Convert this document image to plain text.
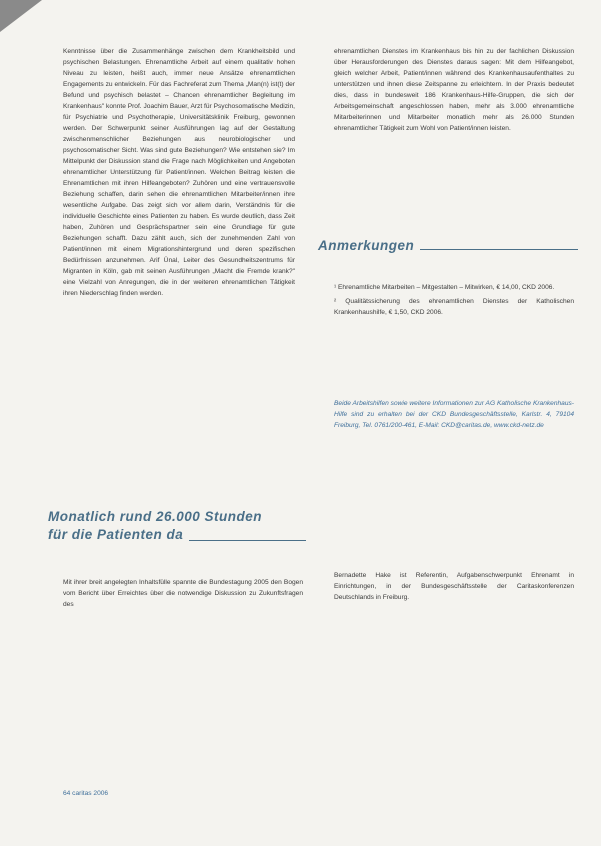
Kenntnisse über die Zusammenhänge zwischen dem Krankheitsbild und psychischen Belastungen. Ehrenamtliche Arbeit auf einem qualitativ hohen Niveau zu leisten, heißt auch, immer neue Ansätze ehrenamtlichen Engagements zu entwickeln. Für das Fachreferat zum Thema „Man(n) ist(t) der Befund und psychisch belastet – Chancen ehrenamtlicher Begleitung im Krankenhaus" konnte Prof. Joachim Bauer, Arzt für Psychosomatische Medizin, für Psychiatrie und Psychotherapie, Universitätsklinik Freiburg, gewonnen werden. Der Schwerpunkt seiner Ausführungen lag auf der Gestaltung zwischenmenschlicher Beziehungen aus neurobiologischer und psychosomatischer Sicht. Was sind gute Beziehungen? Wie entstehen sie? Im Mittelpunkt der Diskussion stand die Frage nach Möglichkeiten und Angeboten ehrenamtlicher Unterstützung für Patient/innen. Welchen Beitrag leisten die Ehrenamtlichen mit ihren Hilfeangeboten? Zuhören und eine vertrauensvolle Beziehung schaffen, darin sehen die ehrenamtlichen Mitarbeiter/innen ihre wesentliche Aufgabe. Das zeigt sich vor allem darin, Verständnis für die individuelle Geschichte eines Patienten zu haben. Es wurde deutlich, dass Zeit haben, Zuhören und Gesprächspartner sein eine Grundlage für gute Beziehungen schafft. Dazu zählt auch, sich der zunehmenden Zahl von Patient/innen mit einem Migrationshintergrund und deren spezifischen Bedürfnissen anzunehmen. Arif Ünal, Leiter des Gesundheitszentrums für Migranten in Köln, gab mit seinen Ausführungen „Macht die Fremde krank?" eine Vielzahl von Anregungen, die in der weiteren ehrenamtlichen Tätigkeit ihren Niederschlag finden werden.

ehrenamtlichen Dienstes im Krankenhaus bis hin zu der fachlichen Diskussion über Herausforderungen des Dienstes daraus sagen: Mit dem Hilfeangebot, gleich welcher Arbeit, Patient/innen während des Krankenhausaufenthaltes zu unterstützen und ihnen diese Zeitspanne zu erleichtern. In der Praxis bedeutet dies, dass in bundesweit 186 Krankenhaus-Hilfe-Gruppen, die sich der Arbeitsgemeinschaft angeschlossen haben, mehr als 3.000 ehrenamtliche Mitarbeiterinnen und Mitarbeiter monatlich mehr als 26.000 Stunden ehrenamtlicher Tätigkeit zum Wohl von Patient/innen leisten.

Anmerkungen

¹ Ehrenamtliche Mitarbeiten – Mitgestalten – Mitwirken, € 14,00, CKD 2006.

² Qualitätssicherung des ehrenamtlichen Dienstes der Katholischen Krankenhaushilfe, € 1,50, CKD 2006.

Beide Arbeitshilfen sowie weitere Informationen zur AG Katholische Krankenhaus-Hilfe sind zu erhalten bei der CKD Bundesgeschäftsstelle, Karlstr. 4, 79104 Freiburg, Tel. 0761/200-461, E-Mail: CKD@caritas.de, www.ckd-netz.de

Monatlich rund 26.000 Stunden
für die Patienten da

Mit ihrer breit angelegten Inhaltsfülle spannte die Bundestagung 2005 den Bogen vom Bericht über Erreichtes über die notwendige Diskussion zu Zukunftsfragen des

Bernadette Hake ist Referentin, Aufgabenschwerpunkt Ehrenamt in Einrichtungen, in der Bundesgeschäftsstelle der Caritaskonferenzen Deutschlands in Freiburg.

64 caritas 2006
